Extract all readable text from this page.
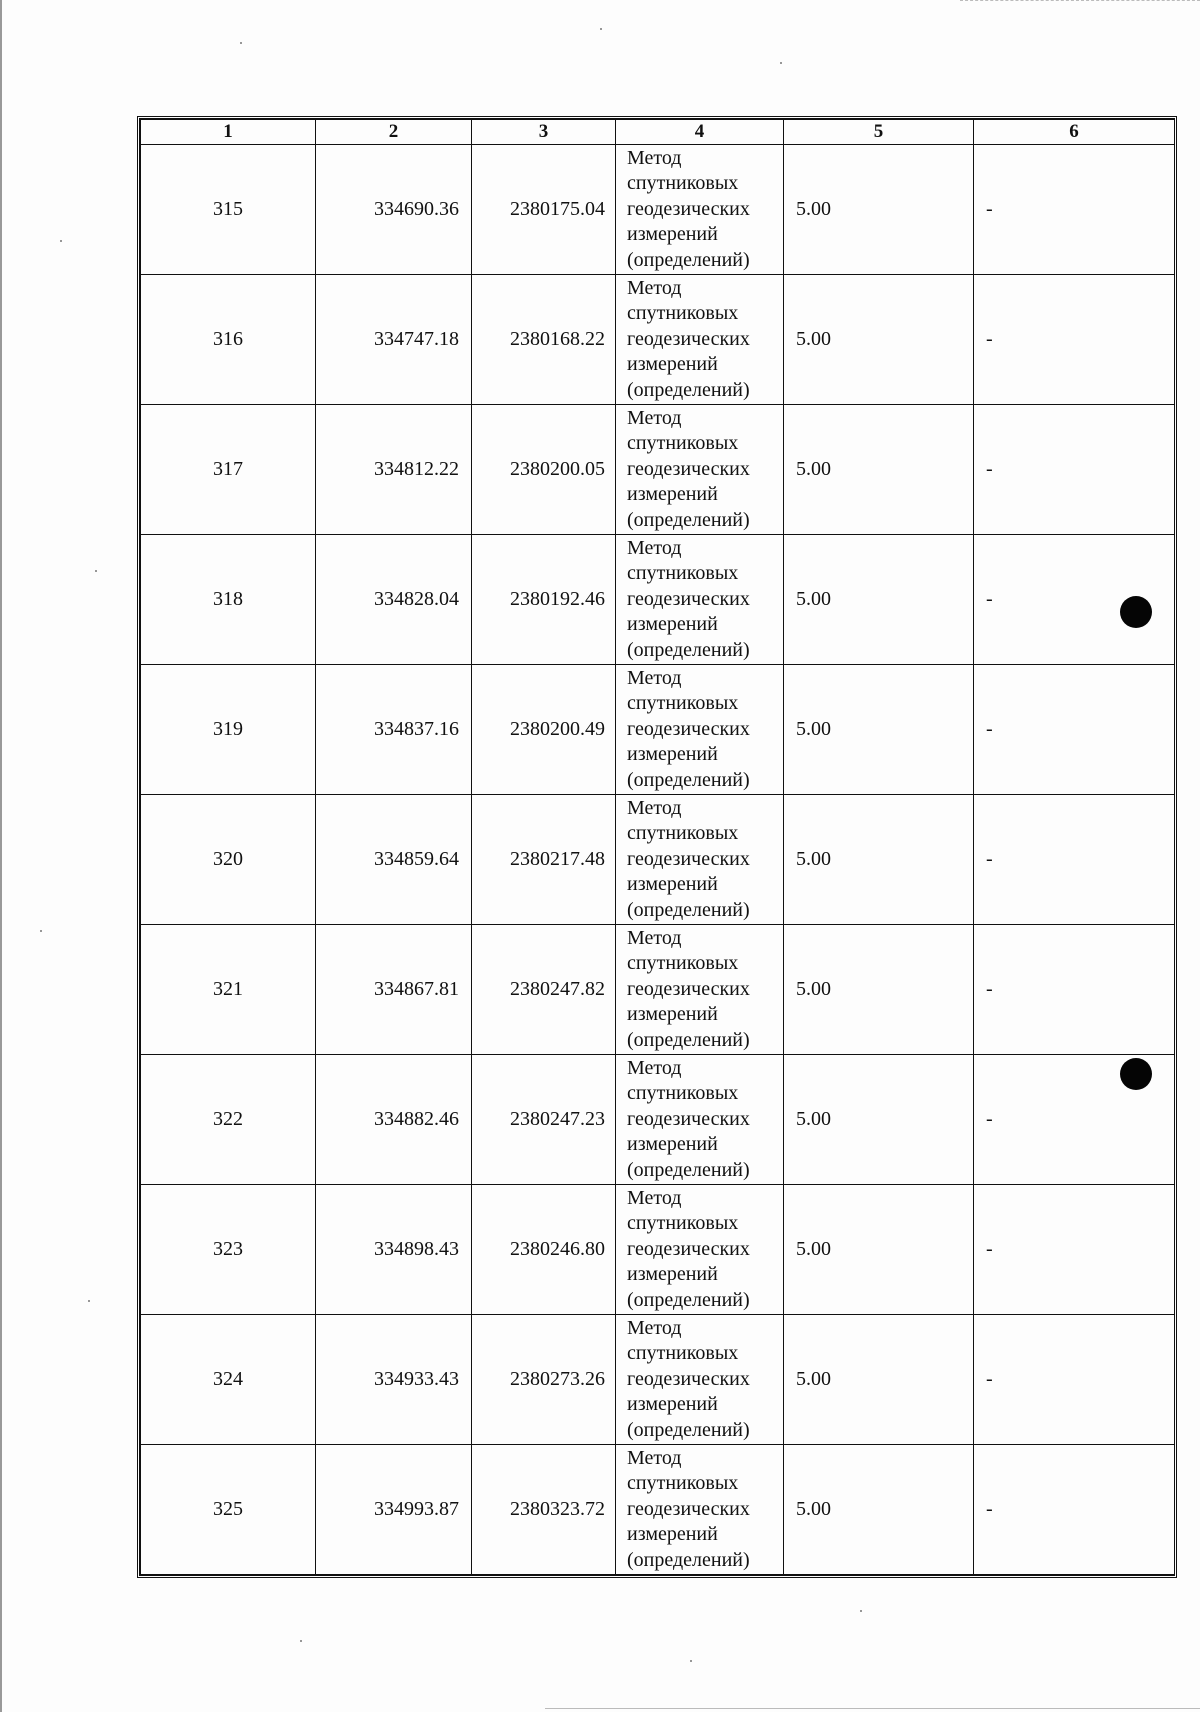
1	2	3	4	5	6
315	334690.36	2380175.04	Метод
спутниковых
геодезических
измерений
(определений)	5.00	-
316	334747.18	2380168.22	Метод
спутниковых
геодезических
измерений
(определений)	5.00	-
317	334812.22	2380200.05	Метод
спутниковых
геодезических
измерений
(определений)	5.00	-
318	334828.04	2380192.46	Метод
спутниковых
геодезических
измерений
(определений)	5.00	-
319	334837.16	2380200.49	Метод
спутниковых
геодезических
измерений
(определений)	5.00	-
320	334859.64	2380217.48	Метод
спутниковых
геодезических
измерений
(определений)	5.00	-
321	334867.81	2380247.82	Метод
спутниковых
геодезических
измерений
(определений)	5.00	-
322	334882.46	2380247.23	Метод
спутниковых
геодезических
измерений
(определений)	5.00	-
323	334898.43	2380246.80	Метод
спутниковых
геодезических
измерений
(определений)	5.00	-
324	334933.43	2380273.26	Метод
спутниковых
геодезических
измерений
(определений)	5.00	-
325	334993.87	2380323.72	Метод
спутниковых
геодезических
измерений
(определений)	5.00	-
